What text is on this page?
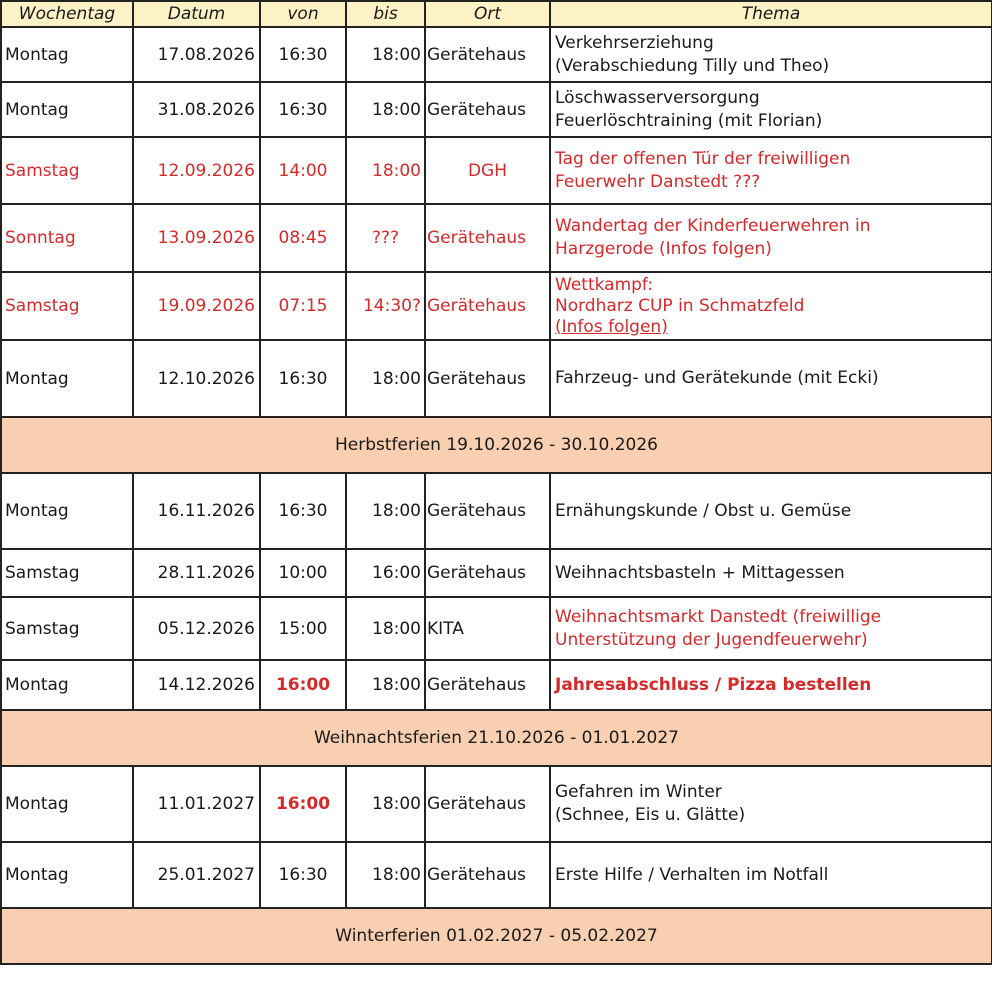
Wochentag	Datum	von	bis	Ort	Thema
Montag	17.08.2026	16:30	18:00	Gerätehaus	Verkehrserziehung
(Verabschiedung Tilly und Theo)

Montag	31.08.2026	16:30	18:00	Gerätehaus	Löschwasserversorgung
Feuerlöschtraining (mit Florian)

Samstag	12.09.2026	14:00	18:00	DGH	Tag der offenen Tür der freiwilligen
Feuerwehr Danstedt ???

Sonntag	13.09.2026	08:45	???	Gerätehaus	Wandertag der Kinderfeuerwehren in
Harzgerode (Infos folgen)

Samstag	19.09.2026	07:15	14:30?	Gerätehaus	Wettkampf:
Nordharz CUP in Schmatzfeld
(Infos folgen)

Montag	12.10.2026	16:30	18:00	Gerätehaus	Fahrzeug- und Gerätekunde (mit Ecki)

Herbstferien 19.10.2026 - 30.10.2026					
Montag	16.11.2026	16:30	18:00	Gerätehaus	Ernähungskunde / Obst u. Gemüse

Samstag	28.11.2026	10:00	16:00	Gerätehaus	Weihnachtsbasteln + Mittagessen

Samstag	05.12.2026	15:00	18:00	KITA	Weihnachtsmarkt Danstedt (freiwillige
Unterstützung der Jugendfeuerwehr)

Montag	14.12.2026	16:00	18:00	Gerätehaus	Jahresabschluss / Pizza bestellen

Weihnachtsferien 21.10.2026 - 01.01.2027					
Montag	11.01.2027	16:00	18:00	Gerätehaus	Gefahren im Winter
(Schnee, Eis u. Glätte)

Montag	25.01.2027	16:30	18:00	Gerätehaus	Erste Hilfe / Verhalten im Notfall

Winterferien 01.02.2027 - 05.02.2027					
